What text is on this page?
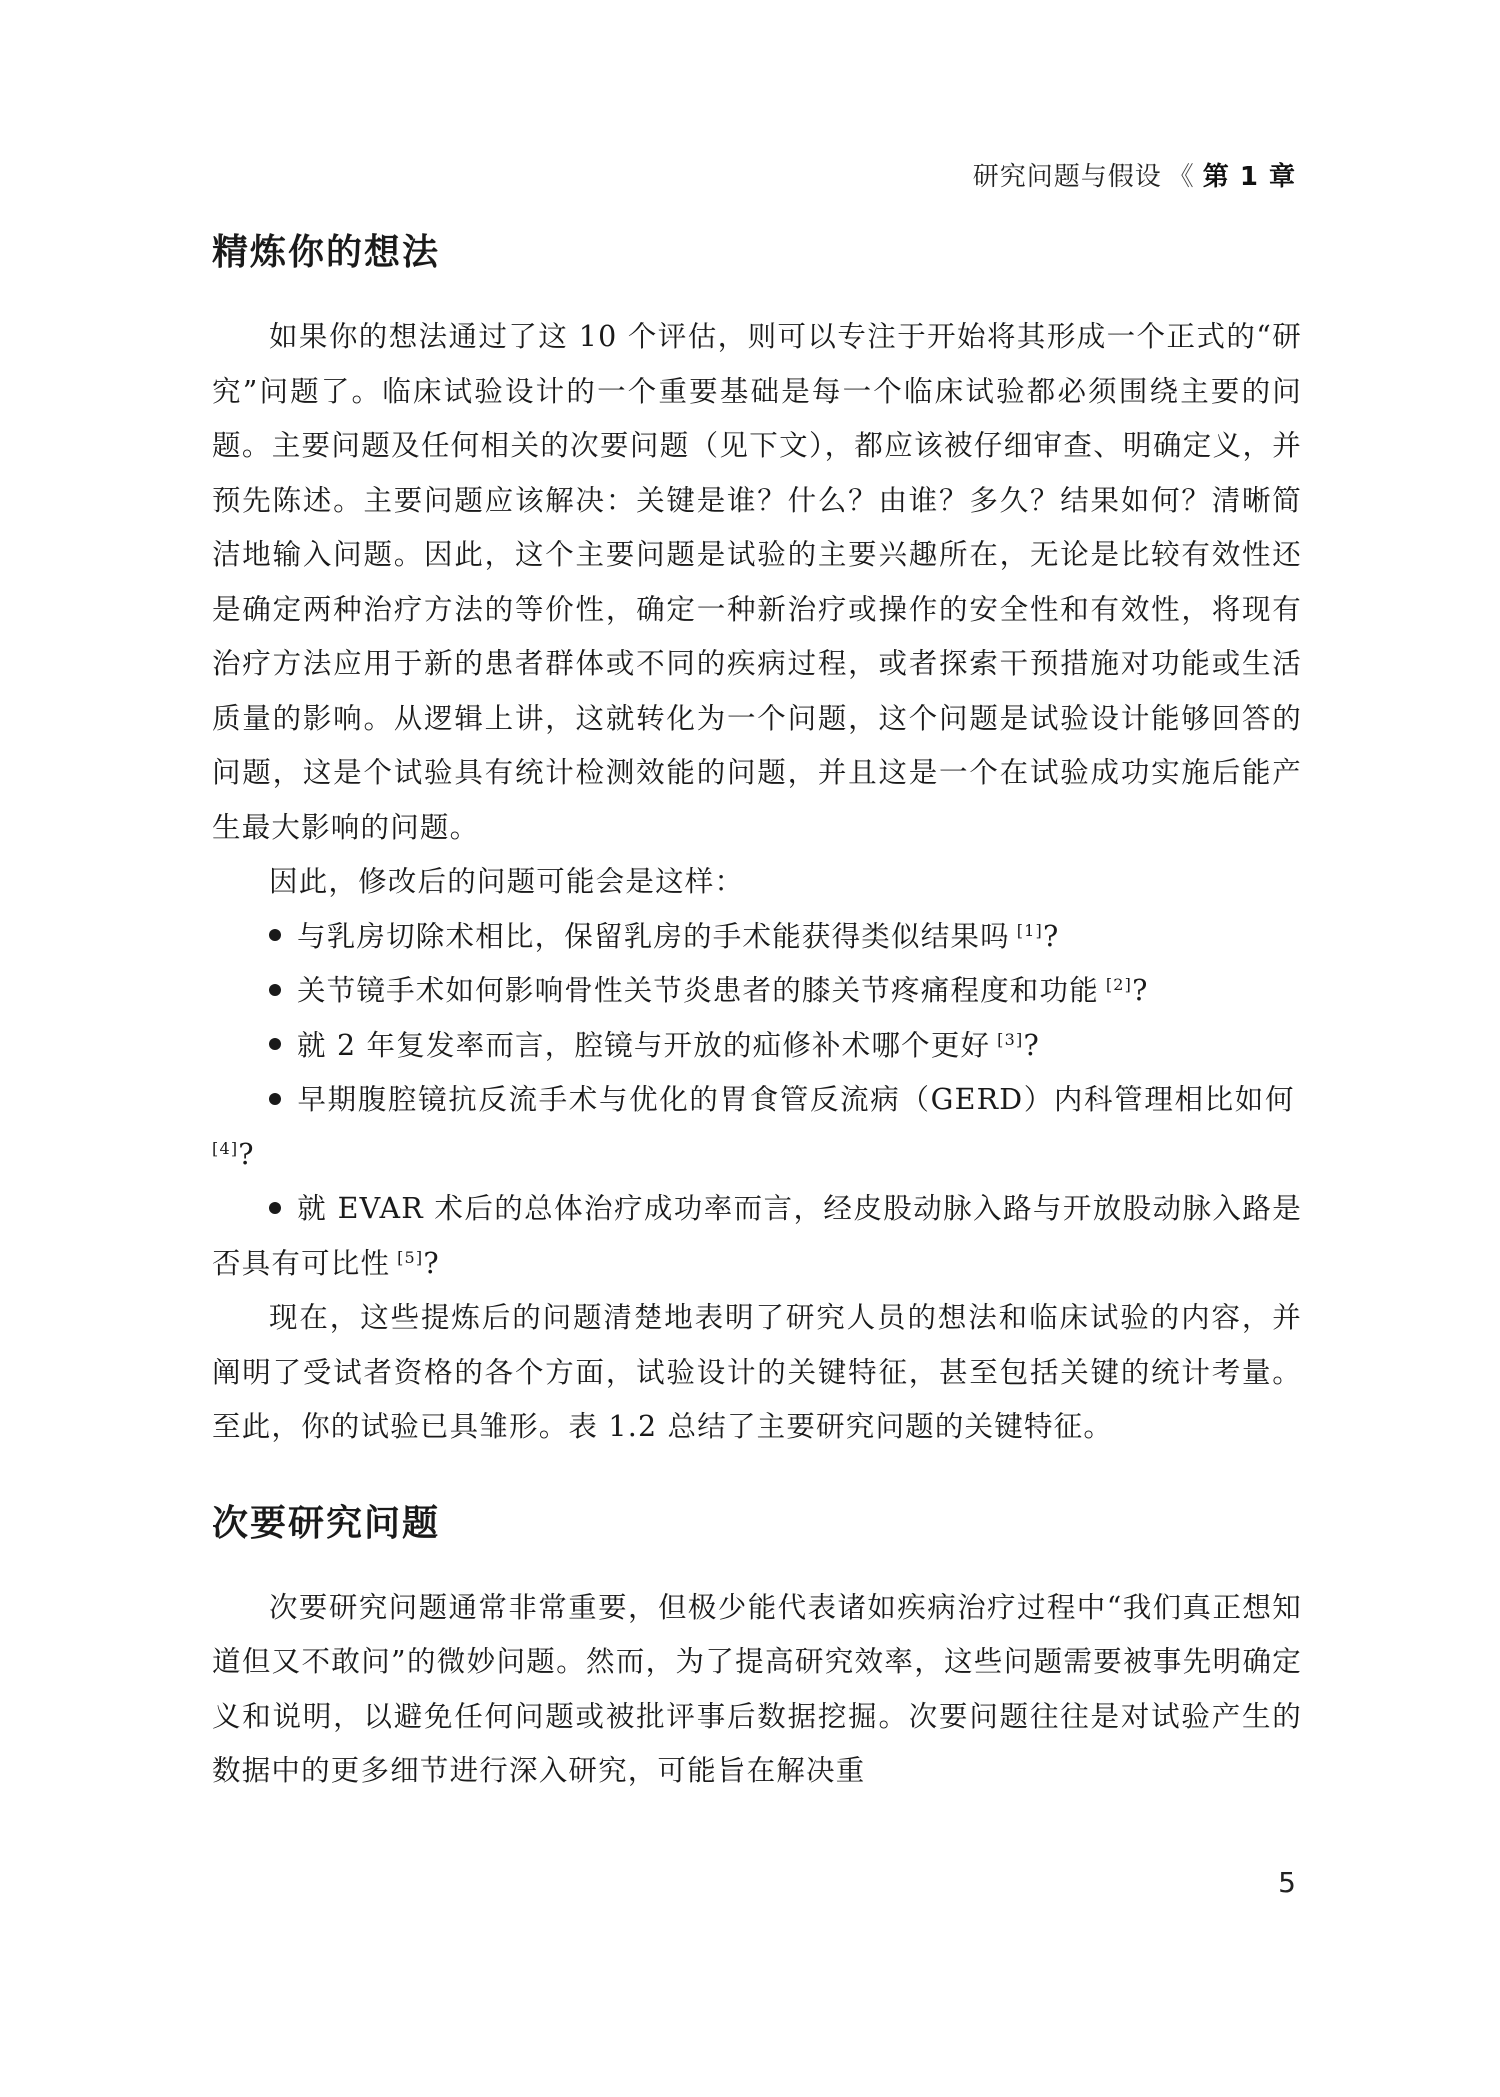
研究问题与假设 《 第 1 章
精炼你的想法

如果你的想法通过了这 10 个评估，则可以专注于开始将其形成一个正式的“研究”问题了。临床试验设计的一个重要基础是每一个临床试验都必须围绕主要的问题。主要问题及任何相关的次要问题（见下文），都应该被仔细审查、明确定义，并预先陈述。主要问题应该解决：关键是谁？什么？由谁？多久？结果如何？清晰简洁地输入问题。因此，这个主要问题是试验的主要兴趣所在，无论是比较有效性还是确定两种治疗方法的等价性，确定一种新治疗或操作的安全性和有效性，将现有治疗方法应用于新的患者群体或不同的疾病过程，或者探索干预措施对功能或生活质量的影响。从逻辑上讲，这就转化为一个问题，这个问题是试验设计能够回答的问题，这是个试验具有统计检测效能的问题，并且这是一个在试验成功实施后能产生最大影响的问题。

因此，修改后的问题可能会是这样：

与乳房切除术相比，保留乳房的手术能获得类似结果吗  [1]?
关节镜手术如何影响骨性关节炎患者的膝关节疼痛程度和功能  [2]?
就 2 年复发率而言，腔镜与开放的疝修补术哪个更好  [3]?
早期腹腔镜抗反流手术与优化的胃食管反流病（GERD）内科管理相比如何 [4]?
就 EVAR 术后的总体治疗成功率而言，经皮股动脉入路与开放股动脉入路是否具有可比性  [5]?

现在，这些提炼后的问题清楚地表明了研究人员的想法和临床试验的内容，并阐明了受试者资格的各个方面，试验设计的关键特征，甚至包括关键的统计考量。至此，你的试验已具雏形。表 1.2 总结了主要研究问题的关键特征。

次要研究问题

次要研究问题通常非常重要，但极少能代表诸如疾病治疗过程中“我们真正想知道但又不敢问”的微妙问题。然而，为了提高研究效率，这些问题需要被事先明确定义和说明，以避免任何问题或被批评事后数据挖掘。次要问题往往是对试验产生的数据中的更多细节进行深入研究，可能旨在解决重

5
